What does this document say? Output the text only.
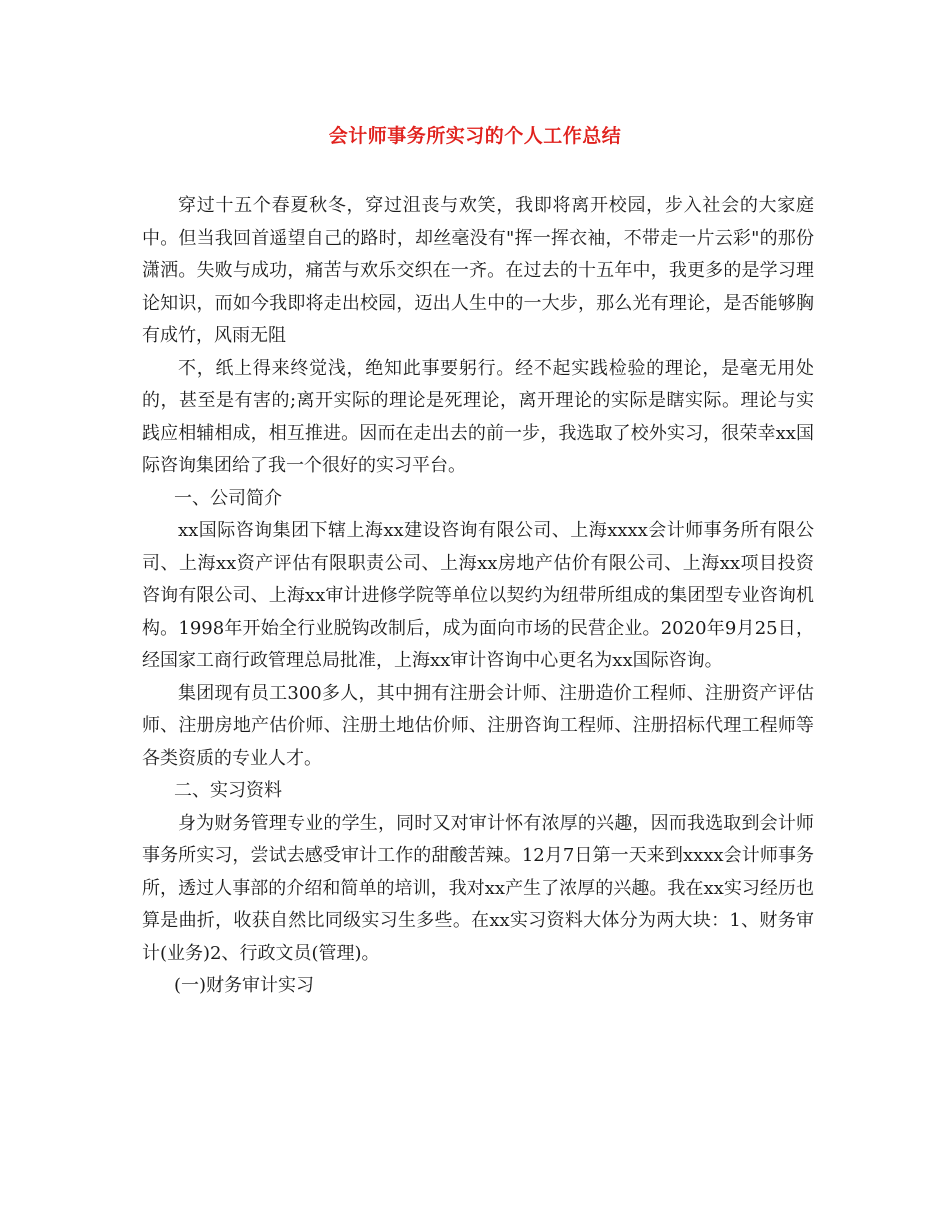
会计师事务所实习的个人工作总结

穿过十五个春夏秋冬，穿过沮丧与欢笑，我即将离开校园，步入社会的大家庭中。但当我回首遥望自己的路时，却丝毫没有"挥一挥衣袖，不带走一片云彩"的那份潇洒。失败与成功，痛苦与欢乐交织在一齐。在过去的十五年中，我更多的是学习理论知识，而如今我即将走出校园，迈出人生中的一大步，那么光有理论，是否能够胸有成竹，风雨无阻

不，纸上得来终觉浅，绝知此事要躬行。经不起实践检验的理论，是毫无用处的，甚至是有害的;离开实际的理论是死理论，离开理论的实际是瞎实际。理论与实践应相辅相成，相互推进。因而在走出去的前一步，我选取了校外实习，很荣幸xx国际咨询集团给了我一个很好的实习平台。

一、公司简介

xx国际咨询集团下辖上海xx建设咨询有限公司、上海xxxx会计师事务所有限公司、上海xx资产评估有限职责公司、上海xx房地产估价有限公司、上海xx项目投资咨询有限公司、上海xx审计进修学院等单位以契约为纽带所组成的集团型专业咨询机构。1998年开始全行业脱钩改制后，成为面向市场的民营企业。2020年9月25日，经国家工商行政管理总局批准，上海xx审计咨询中心更名为xx国际咨询。

集团现有员工300多人，其中拥有注册会计师、注册造价工程师、注册资产评估师、注册房地产估价师、注册土地估价师、注册咨询工程师、注册招标代理工程师等各类资质的专业人才。

二、实习资料

身为财务管理专业的学生，同时又对审计怀有浓厚的兴趣，因而我选取到会计师事务所实习，尝试去感受审计工作的甜酸苦辣。12月7日第一天来到xxxx会计师事务所，透过人事部的介绍和简单的培训，我对xx产生了浓厚的兴趣。我在xx实习经历也算是曲折，收获自然比同级实习生多些。在xx实习资料大体分为两大块：1、财务审计(业务)2、行政文员(管理)。

(一)财务审计实习
